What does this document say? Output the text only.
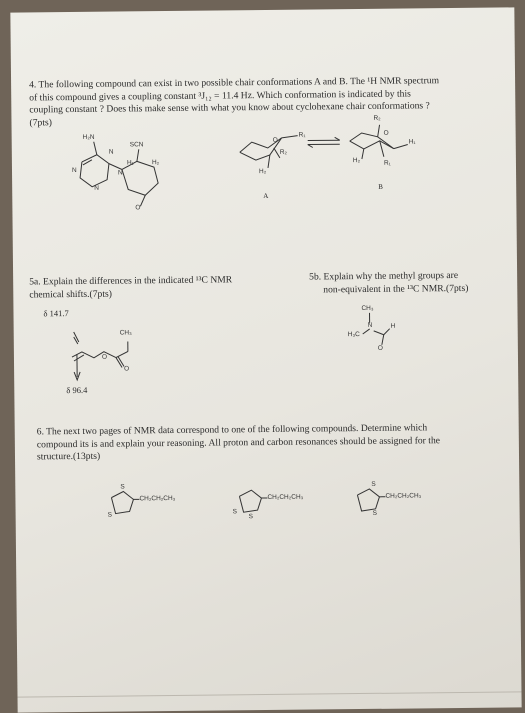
4. The following compound can exist in two possible chair conformations A and B. The ¹H NMR spectrum
of this compound gives a coupling constant ³J₁₂ = 11.4 Hz. Which conformation is indicated by this
coupling constant ? Does this make sense with what you know about cyclohexane chair conformations ?
(7pts)
H₂N
SCN
N
N	N
N
H₁	H₂
O
O
R₁
R₂
H₂
A
R₂
O
H₁
H₂	R₁
B
5a. Explain the differences in the indicated ¹³C NMR
chemical shifts.(7pts)
δ 141.7
CH₃
O
O
δ 96.4
5b. Explain why the methyl groups are
non-equivalent in the ¹³C NMR.(7pts)
CH₃
N	H
H₃C
O
6. The next two pages of NMR data correspond to one of the following compounds. Determine which
compound its is and explain your reasoning. All proton and carbon resonances should be assigned for the
structure.(13pts)
S
S
CH₂CH₂CH₃
S
S
CH₂CH₂CH₃
S
S
CH₂CH₂CH₃
